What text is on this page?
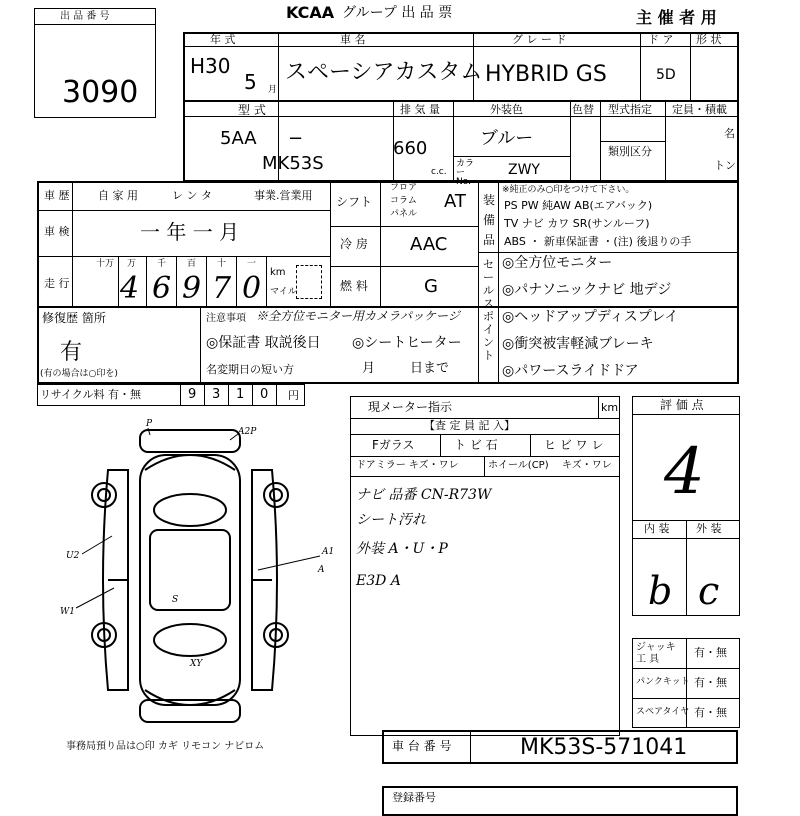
出 品 番 号
3090
KCAA グループ 出 品 票	主 催 者 用
年 式
H30
5 月
車 名
スペーシアカスタム
グ レ ー ド
HYBRID GS
ド ア
5D
形 状
型 式
5AA −
MK53S
排 気 量
660
c.c.
外装色
ブルー
カラー No.
ZWY
色替 型式指定
類別区分
定員・積載
名
トン
車 歴	自 家 用	レ ン タ	事業.営業用
車 検	一 年 一 月
走 行
十万 万 千 百 十 一
4 6 9 7 0 km
マイル
シフト
フロア
コラム
パネル
AT
冷 房 AAC
燃 料	G
装 備 品
※純正のみ○印をつけて下さい。
PS PW 純AW AB(エアバック)
TV ナビ カワ SR(サンルーフ)
ABS ・ 新車保証書 ・(注) 後退りの手
セールスポイント
◎全方位モニター
◎パナソニックナビ 地デジ
◎ヘッドアップディスプレイ
◎衝突被害軽減ブレーキ
◎パワースライドドア
修復歴 箇所
有
(有の場合は○印を)
注意事項 ※全方位モニター用カメラパッケージ
◎保証書 取説後日 ◎シートヒーター
名変期日の短い方	月	日まで
リサイクル料 有・無	9 3 1 0 円
現メーター指示	km
【査 定 員 記 入】
Fガラス	ト ビ 石	ヒ ビ ワ レ
ドアミラー キズ・ワレ	ホイール(CP) キズ・ワレ
ナビ 品番 CN-R73W
シート汚れ
外装 A・U・P
E3D A
評 価 点
4
内 装 外 装
b c
ジャッキ 工 具
有・無
パンクキット 有・無
スペアタイヤ 有・無
P
A2P
U2
W1
A1
A
S
XY
事務局預り品は○印 カギ リモコン ナビロム	車 台 番 号	MK53S-571041
登録番号
